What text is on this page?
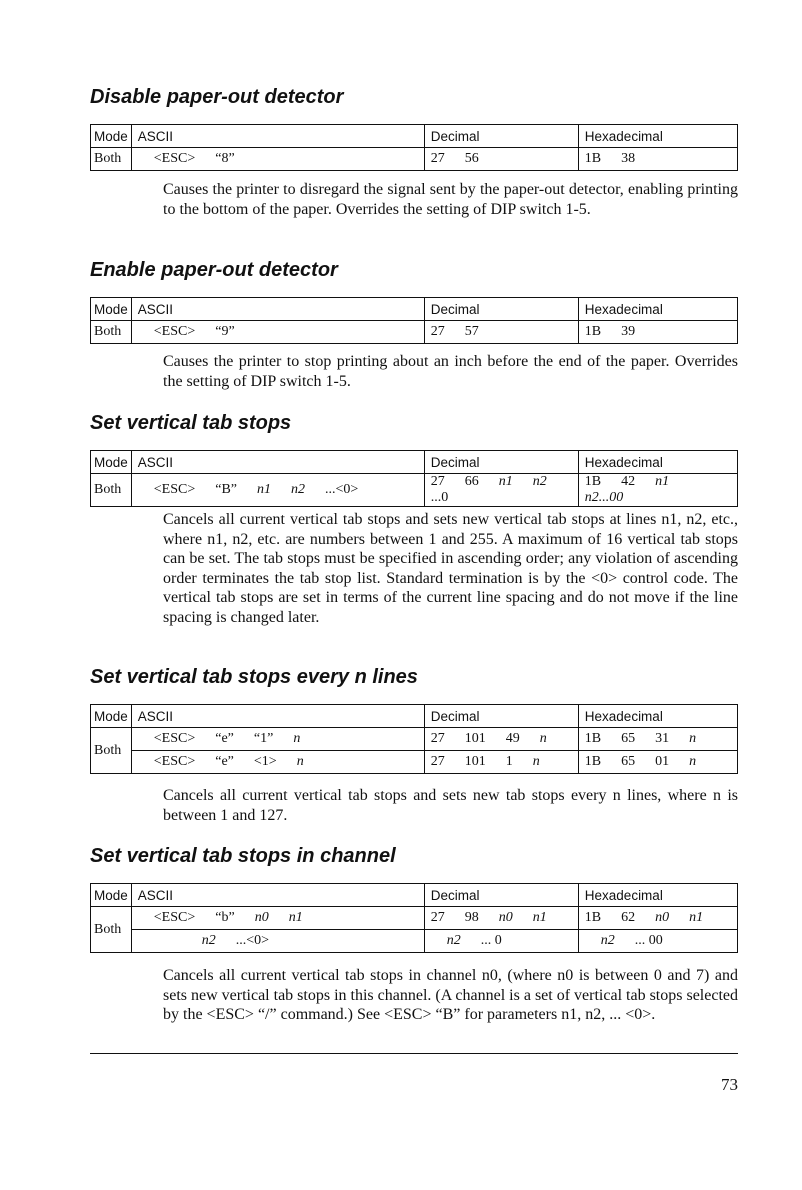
Disable paper-out detector
Mode	ASCII	Decimal	Hexadecimal
Both	<ESC> “8”	27 56	1B 38
Causes the printer to disregard the signal sent by the paper-out detector, enabling printing to the bottom of the paper. Overrides the setting of DIP switch 1-5.
Enable paper-out detector
Mode	ASCII	Decimal	Hexadecimal
Both	<ESC> “9”	27 57	1B 39
Causes the printer to stop printing about an inch before the end of the paper. Overrides the setting of DIP switch 1-5.
Set vertical tab stops
Mode	ASCII	Decimal	Hexadecimal
Both	<ESC> “B” n1 n2 ...<0>	27 66 n1 n2...0	1B 42 n1n2...00
Cancels all current vertical tab stops and sets new vertical tab stops at lines n1, n2, etc., where n1, n2, etc. are numbers between 1 and 255. A maximum of 16 vertical tab stops can be set. The tab stops must be specified in ascending order; any violation of ascending order terminates the tab stop list. Standard termination is by the <0> control code. The vertical tab stops are set in terms of the current line spacing and do not move if the line spacing is changed later.
Set vertical tab stops every n lines
Mode	ASCII	Decimal	Hexadecimal
Both	<ESC> “e” “1” n	27 101 49 n	1B 65 31 n
	<ESC> “e” <1> n	27 101 1 n	1B 65 01 n
Cancels all current vertical tab stops and sets new tab stops every n lines, where n is between 1 and 127.
Set vertical tab stops in channel
Mode	ASCII	Decimal	Hexadecimal
Both	<ESC> “b” n0 n1	27 98 n0 n1	1B 62 n0 n1
	n2 ...<0>	n2 ... 0	n2 ... 00
Cancels all current vertical tab stops in channel n0, (where n0 is between 0 and 7) and sets new vertical tab stops in this channel. (A channel is a set of vertical tab stops selected by the <ESC> “/” command.) See <ESC> “B” for parameters n1, n2, ... <0>.
73
